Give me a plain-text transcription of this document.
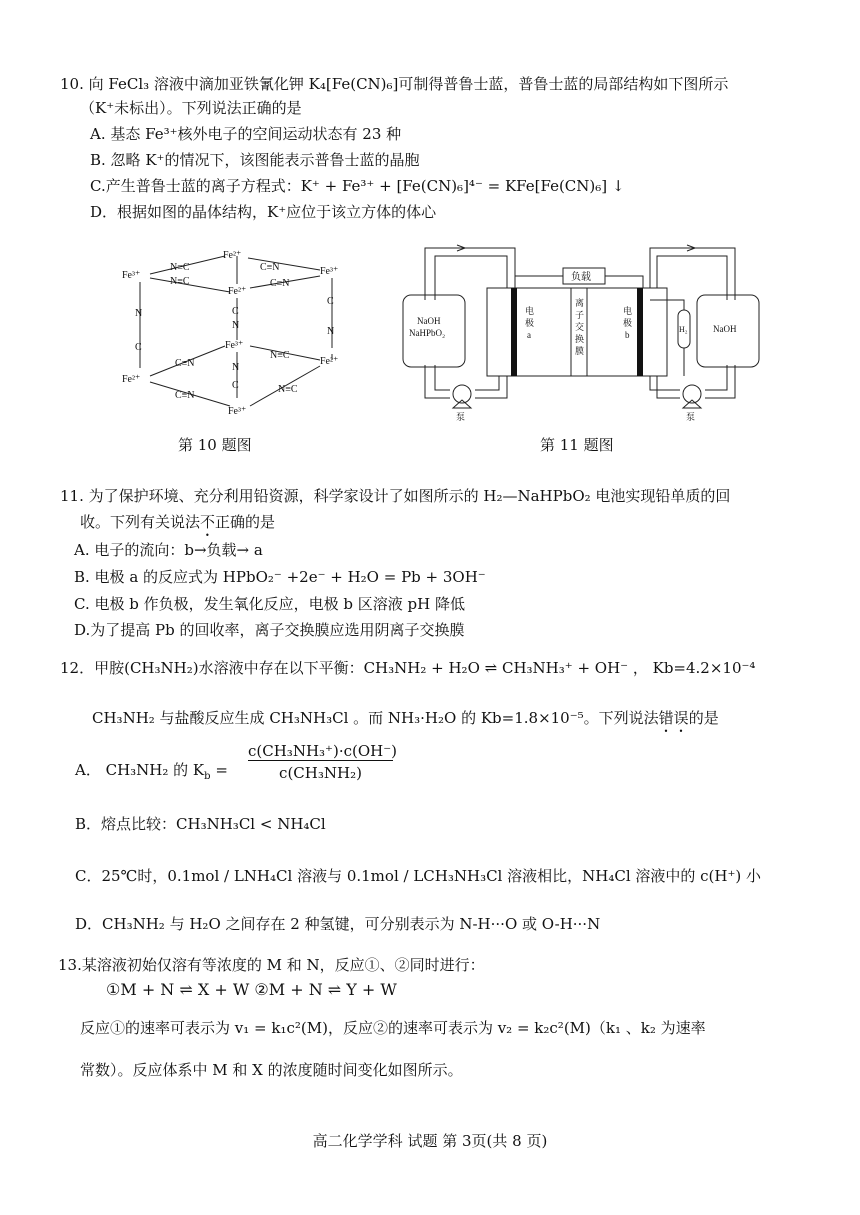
10. 向 FeCl₃ 溶液中滴加亚铁氰化钾 K₄[Fe(CN)₆]可制得普鲁士蓝，普鲁士蓝的局部结构如下图所示
（K⁺未标出）。下列说法正确的是
A. 基态 Fe³⁺核外电子的空间运动状态有 23 种
B. 忽略 K⁺的情况下，该图能表示普鲁士蓝的晶胞
C.产生普鲁士蓝的离子方程式：K⁺ + Fe³⁺ + [Fe(CN)₆]⁴⁻ = KFe[Fe(CN)₆] ↓
D．根据如图的晶体结构，K⁺应位于该立方体的体心
Fe²⁺
Fe³⁺	Fe³⁺
Fe²⁺
Fe³⁺
Fe²⁺
Fe²⁺
Fe³⁺
N≡C	C≡N
N≡C	C≡N
N
C
C
N
C
N
N
C
C≡N
N≡C
C≡N
N≡C
负载
NaOH
NaHPbO₂	NaOH
电
极
a
离
子
交
换
膜
电
极
b
H₂
泵	泵
第 10 题图	第 11 题图
11. 为了保护环境、充分利用铅资源，科学家设计了如图所示的 H₂—NaHPbO₂ 电池实现铅单质的回
收。下列有关说法不正确的是
A. 电子的流向：b→负载→ a
B. 电极 a 的反应式为 HPbO₂⁻ +2e⁻ + H₂O = Pb + 3OH⁻
C. 电极 b 作负极，发生氧化反应，电极 b 区溶液 pH 降低
D.为了提高 Pb 的回收率，离子交换膜应选用阴离子交换膜
12．甲胺(CH₃NH₂)水溶液中存在以下平衡：CH₃NH₂ + H₂O ⇌ CH₃NH₃⁺ + OH⁻ ， Kb=4.2×10⁻⁴
CH₃NH₂ 与盐酸反应生成 CH₃NH₃Cl 。而 NH₃·H₂O 的 Kb=1.8×10⁻⁵。下列说法错误的是
A． CH₃NH₂ 的 $K_b$ =
c(CH₃NH₃⁺)·c(OH⁻)
c(CH₃NH₂)
B．熔点比较：CH₃NH₃Cl < NH₄Cl
C．25℃时，0.1mol / LNH₄Cl 溶液与 0.1mol / LCH₃NH₃Cl 溶液相比，NH₄Cl 溶液中的 c(H⁺) 小
D．CH₃NH₂ 与 H₂O 之间存在 2 种氢键，可分别表示为 N-H···O 或 O-H···N
13.某溶液初始仅溶有等浓度的 M 和 N，反应①、②同时进行：
①M + N ⇌ X + W ②M + N ⇌ Y + W
反应①的速率可表示为 v₁ = k₁c²(M)，反应②的速率可表示为 v₂ = k₂c²(M)（k₁ 、k₂ 为速率
常数）。反应体系中 M 和 X 的浓度随时间变化如图所示。
高二化学学科 试题 第 3页(共 8 页)
